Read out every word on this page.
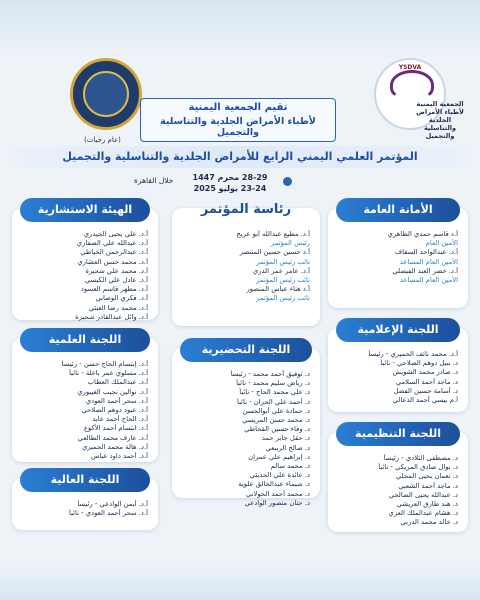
YSDVA
الجمعية اليمنية
لأطباء الأمراض
الجلدية والتناسلية
والتجميل
(عام رجيات)
تقيم الجمعية اليمنية
لأطباء الأمراض الجلدية والتناسلية والتجميل
المؤتمر العلمي اليمني الرابع للأمراض الجلدية والتناسلية والتجميل
28-29 محرم 1447
23-24 يوليو 2025
خلال القاهرة
الأمانة العامة
أ.د قاسم حمدي الظاهري
الأمين العام
أ.د. عبدالواحد السقاف
الأمين العام المساعد
أ.د. خضر العبد الفيصلي
الأمين العام المساعد
رئاسة المؤتمر
أ.د. مطيع عبدالله أبو عريج
رئيس المؤتمر
أ.د حسين حسين المنتصر
نائب رئيس المؤتمر
أ.د. عامر عمر الدري
نائب رئيس المؤتمر
أ.د هناء عباس المنصور
نائب رئيس المؤتمر
الهيئة الاستشارية
أ.د. علي يحيى الحيدري
أ.د. عبدالله علي الصفاري
أ.د. عبدالرحمن الخياطي
أ.د. محمد حسن العشاري
أ.د. محمد علي شحيرة
أ.د. عادل علي الكبسي
أ.د. مطهر قاسم العسود
أ.د. فكري الوصابي
أ.د. محمد رضا الغيثي
أ.د. وائل عبدالقادر شحيرة
اللجنة الإعلامية
أ.د. محمد نائف الحميري - رئيساً
د. نبيل دوهم الصلاحي - نائباً
د. صادر محمد الشويش
د. ماجد أحمد السلامي
د. أسامة حسين الفضل
أ.م بيسي أحمد الدعالي
اللجنة العلمية
أ.د. إبتسام الحاج حسن - رئيساً
أ.د. مسلوي عمر باعلة - نائباً
أ.د. عبدالملك العطاب
أ.د. نوالين نجيب الغيبوري
أ.د. سحر أحمد العودي
أ.د. عبود دوهم الصلاحي
أ.د. الحاج أحمد عابد
أ.د. ابتسام أحمد الأكوع
أ.د. عارف محمد الطالعي
أ.د. هالة محمد الحميري
أ.د. أحمد داود عباس
اللجنة التحضيرية
د. توفيق أحمد محمد - رئيساً
د. رياض سليم محمد - نائباً
د. علي محمد الحاج - نائباً
د. أحمد علي الحزان - نائباً
د. حمادة علي أبوالحسن
د. محمد حسن المريسي
د. وفاء حسين القحاطي
د. حقل جابر حمد
د. صالح الربيعي
د. إبراهيم علي عمران
د. محمد سالم
د. عائدة علي الحديثي
د. شيماء عبدالخالق علوية
د. محمد أحمد الخولاني
د. حنان منصور الوادعي
اللجنة التنظيمية
د. مصطفى التلادي - رئيساً
د. نوال صادق المريكي - نائباً
د. نعمان يحيى المجلي
د. ماجد أحمد الشعبي
د. عبدالله يحيى الصالحي
د. هند طارق العريشي
د. هشام عبدالملك العزي
د. خالد محمد الدربي
اللجنة العالية
أ.د. أيمن الوادعي - رئيساً
أ.د. سحر أحمد العودي - نائباً
